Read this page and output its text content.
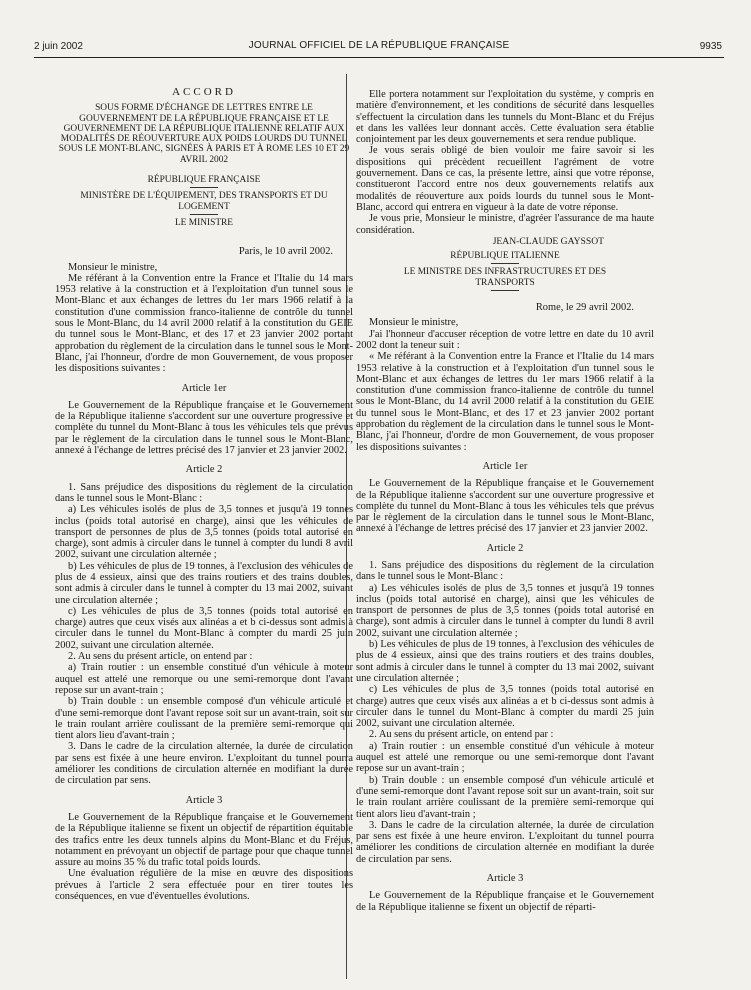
2 juin 2002	JOURNAL OFFICIEL DE LA RÉPUBLIQUE FRANÇAISE	9935

ACCORD

SOUS FORME D'ÉCHANGE DE LETTRES ENTRE LE GOUVERNEMENT DE LA RÉPUBLIQUE FRANÇAISE ET LE GOUVERNEMENT DE LA RÉPUBLIQUE ITALIENNE RELATIF AUX MODALITÉS DE RÉOUVERTURE AUX POIDS LOURDS DU TUNNEL SOUS LE MONT-BLANC, SIGNÉES À PARIS ET À ROME LES 10 ET 29 AVRIL 2002

RÉPUBLIQUE FRANÇAISE

MINISTÈRE DE L'ÉQUIPEMENT, DES TRANSPORTS ET DU LOGEMENT

LE MINISTRE

Paris, le 10 avril 2002.

Monsieur le ministre,

Me référant à la Convention entre la France et l'Italie du 14 mars 1953 relative à la construction et à l'exploitation d'un tunnel sous le Mont-Blanc et aux échanges de lettres du 1er mars 1966 relatif à la constitution d'une commission franco-italienne de contrôle du tunnel sous le Mont-Blanc, du 14 avril 2000 relatif à la constitution du GEIE du tunnel sous le Mont-Blanc, et des 17 et 23 janvier 2002 portant approbation du règlement de la circulation dans le tunnel sous le Mont-Blanc, j'ai l'honneur, d'ordre de mon Gouvernement, de vous proposer les dispositions suivantes :

Article 1er

Le Gouvernement de la République française et le Gouvernement de la République italienne s'accordent sur une ouverture progressive et complète du tunnel du Mont-Blanc à tous les véhicules tels que prévus par le règlement de la circulation dans le tunnel sous le Mont-Blanc, annexé à l'échange de lettres précisé des 17 janvier et 23 janvier 2002.

Article 2

1. Sans préjudice des dispositions du règlement de la circulation dans le tunnel sous le Mont-Blanc :

a) Les véhicules isolés de plus de 3,5 tonnes et jusqu'à 19 tonnes inclus (poids total autorisé en charge), ainsi que les véhicules de transport de personnes de plus de 3,5 tonnes (poids total autorisé en charge), sont admis à circuler dans le tunnel à compter du lundi 8 avril 2002, suivant une circulation alternée ;

b) Les véhicules de plus de 19 tonnes, à l'exclusion des véhicules de plus de 4 essieux, ainsi que des trains routiers et des trains doubles, sont admis à circuler dans le tunnel à compter du 13 mai 2002, suivant une circulation alternée ;

c) Les véhicules de plus de 3,5 tonnes (poids total autorisé en charge) autres que ceux visés aux alinéas a et b ci-dessus sont admis à circuler dans le tunnel du Mont-Blanc à compter du mardi 25 juin 2002, suivant une circulation alternée.

2. Au sens du présent article, on entend par :

a) Train routier : un ensemble constitué d'un véhicule à moteur auquel est attelé une remorque ou une semi-remorque dont l'avant repose sur un avant-train ;

b) Train double : un ensemble composé d'un véhicule articulé et d'une semi-remorque dont l'avant repose soit sur un avant-train, soit sur le train roulant arrière coulissant de la première semi-remorque qui tient alors lieu d'avant-train ;

3. Dans le cadre de la circulation alternée, la durée de circulation par sens est fixée à une heure environ. L'exploitant du tunnel pourra améliorer les conditions de circulation alternée en modifiant la durée de circulation par sens.

Article 3

Le Gouvernement de la République française et le Gouvernement de la République italienne se fixent un objectif de répartition équitable des trafics entre les deux tunnels alpins du Mont-Blanc et du Fréjus, notamment en prévoyant un objectif de partage pour que chaque tunnel assure au moins 35 % du trafic total poids lourds.

Une évaluation régulière de la mise en œuvre des dispositions prévues à l'article 2 sera effectuée pour en tirer toutes les conséquences, en vue d'éventuelles évolutions.

Elle portera notamment sur l'exploitation du système, y compris en matière d'environnement, et les conditions de sécurité dans lesquelles s'effectuent la circulation dans les tunnels du Mont-Blanc et du Fréjus et dans les vallées leur donnant accès. Cette évaluation sera établie conjointement par les deux gouvernements et sera rendue publique.

Je vous serais obligé de bien vouloir me faire savoir si les dispositions qui précèdent recueillent l'agrément de votre gouvernement. Dans ce cas, la présente lettre, ainsi que votre réponse, constitueront l'accord entre nos deux gouvernements relatifs aux modalités de réouverture aux poids lourds du tunnel sous le Mont-Blanc, accord qui entrera en vigueur à la date de votre réponse.

Je vous prie, Monsieur le ministre, d'agréer l'assurance de ma haute considération.

JEAN-CLAUDE GAYSSOT

RÉPUBLIQUE ITALIENNE

LE MINISTRE DES INFRASTRUCTURES ET DES TRANSPORTS

Rome, le 29 avril 2002.

Monsieur le ministre,

J'ai l'honneur d'accuser réception de votre lettre en date du 10 avril 2002 dont la teneur suit :

« Me référant à la Convention entre la France et l'Italie du 14 mars 1953 relative à la construction et à l'exploitation d'un tunnel sous le Mont-Blanc et aux échanges de lettres du 1er mars 1966 relatif à la constitution d'une commission franco-italienne de contrôle du tunnel sous le Mont-Blanc, du 14 avril 2000 relatif à la constitution du GEIE du tunnel sous le Mont-Blanc, et des 17 et 23 janvier 2002 portant approbation du règlement de la circulation dans le tunnel sous le Mont-Blanc, j'ai l'honneur, d'ordre de mon Gouvernement, de vous proposer les dispositions suivantes :

Article 1er

Le Gouvernement de la République française et le Gouvernement de la République italienne s'accordent sur une ouverture progressive et complète du tunnel du Mont-Blanc à tous les véhicules tels que prévus par le règlement de la circulation dans le tunnel sous le Mont-Blanc, annexé à l'échange de lettres précisé des 17 janvier et 23 janvier 2002.

Article 2

1. Sans préjudice des dispositions du règlement de la circulation dans le tunnel sous le Mont-Blanc :

a) Les véhicules isolés de plus de 3,5 tonnes et jusqu'à 19 tonnes inclus (poids total autorisé en charge), ainsi que les véhicules de transport de personnes de plus de 3,5 tonnes (poids total autorisé en charge), sont admis à circuler dans le tunnel à compter du lundi 8 avril 2002, suivant une circulation alternée ;

b) Les véhicules de plus de 19 tonnes, à l'exclusion des véhicules de plus de 4 essieux, ainsi que des trains routiers et des trains doubles, sont admis à circuler dans le tunnel à compter du 13 mai 2002, suivant une circulation alternée ;

c) Les véhicules de plus de 3,5 tonnes (poids total autorisé en charge) autres que ceux visés aux alinéas a et b ci-dessus sont admis à circuler dans le tunnel du Mont-Blanc à compter du mardi 25 juin 2002, suivant une circulation alternée.

2. Au sens du présent article, on entend par :

a) Train routier : un ensemble constitué d'un véhicule à moteur auquel est attelé une remorque ou une semi-remorque dont l'avant repose sur un avant-train ;

b) Train double : un ensemble composé d'un véhicule articulé et d'une semi-remorque dont l'avant repose soit sur un avant-train, soit sur le train roulant arrière coulissant de la première semi-remorque qui tient alors lieu d'avant-train ;

3. Dans le cadre de la circulation alternée, la durée de circulation par sens est fixée à une heure environ. L'exploitant du tunnel pourra améliorer les conditions de circulation alternée en modifiant la durée de circulation par sens.

Article 3

Le Gouvernement de la République française et le Gouvernement de la République italienne se fixent un objectif de réparti-
